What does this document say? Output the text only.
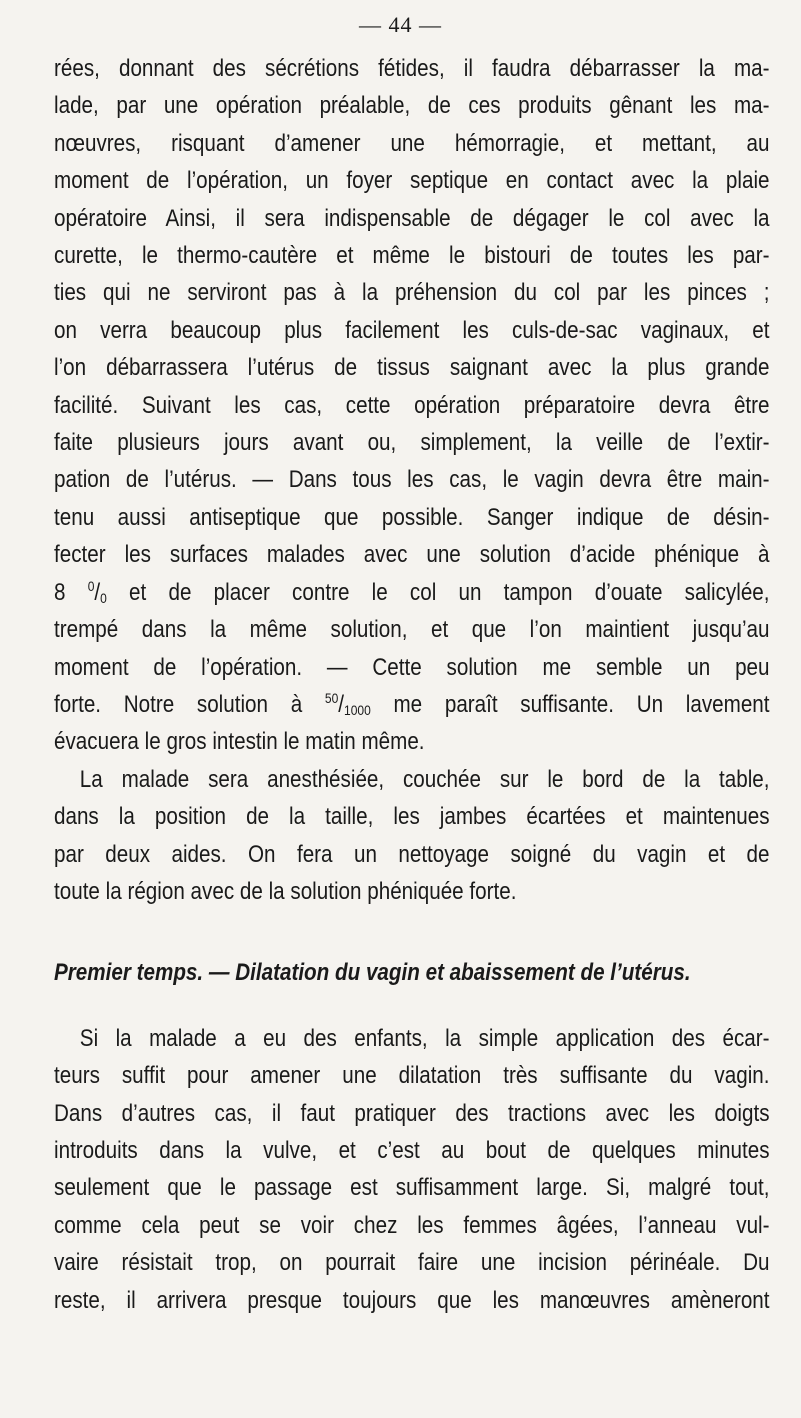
— 44 —
rées, donnant des sécrétions fétides, il faudra débarrasser la ma-
lade, par une opération préalable, de ces produits gênant les ma-
nœuvres, risquant d’amener une hémorragie, et mettant, au
moment de l’opération, un foyer septique en contact avec la plaie
opératoire Ainsi, il sera indispensable de dégager le col avec la
curette, le thermo-cautère et même le bistouri de toutes les par-
ties qui ne serviront pas à la préhension du col par les pinces ;
on verra beaucoup plus facilement les culs-de-sac vaginaux, et
l’on débarrassera l’utérus de tissus saignant avec la plus grande
facilité. Suivant les cas, cette opération préparatoire devra être
faite plusieurs jours avant ou, simplement, la veille de l’extir-
pation de l’utérus. — Dans tous les cas, le vagin devra être main-
tenu aussi antiseptique que possible. Sanger indique de désin-
fecter les surfaces malades avec une solution d’acide phénique à
8 $^0/_0$ et de placer contre le col un tampon d’ouate salicylée,
trempé dans la même solution, et que l’on maintient jusqu’au
moment de l’opération. — Cette solution me semble un peu
forte. Notre solution à $^{50}/_{1000}$ me paraît suffisante. Un lavement
évacuera le gros intestin le matin même.
La malade sera anesthésiée, couchée sur le bord de la table,
dans la position de la taille, les jambes écartées et maintenues
par deux aides. On fera un nettoyage soigné du vagin et de
toute la région avec de la solution phéniquée forte.
Premier temps. — Dilatation du vagin et abaissement de l’utérus.
Si la malade a eu des enfants, la simple application des écar-
teurs suffit pour amener une dilatation très suffisante du vagin.
Dans d’autres cas, il faut pratiquer des tractions avec les doigts
introduits dans la vulve, et c’est au bout de quelques minutes
seulement que le passage est suffisamment large. Si, malgré tout,
comme cela peut se voir chez les femmes âgées, l’anneau vul-
vaire résistait trop, on pourrait faire une incision périnéale. Du
reste, il arrivera presque toujours que les manœuvres amèneront
